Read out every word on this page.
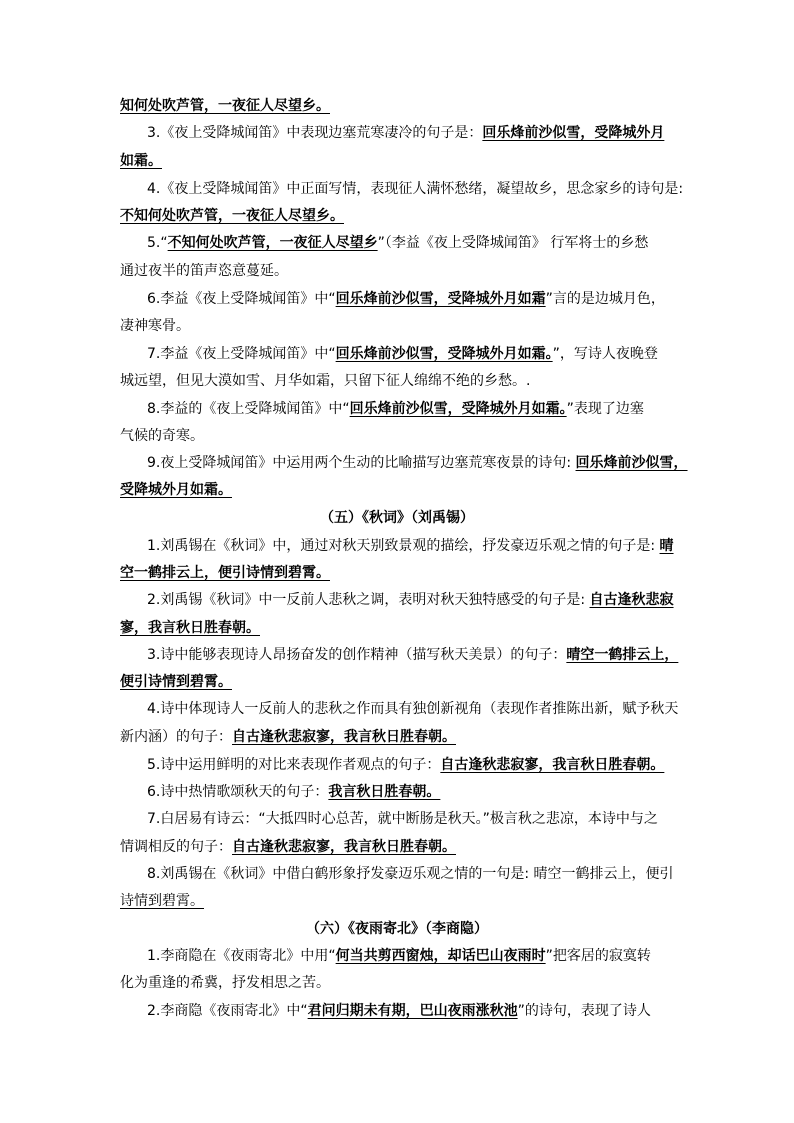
知何处吹芦管，一夜征人尽望乡。
3.《夜上受降城闻笛》中表现边塞荒寒凄冷的句子是：回乐烽前沙似雪，受降城外月
如霜。
4.《夜上受降城闻笛》中正面写情，表现征人满怀愁绪，凝望故乡，思念家乡的诗句是:
不知何处吹芦管，一夜征人尽望乡。
5.“不知何处吹芦管，一夜征人尽望乡”（李益《夜上受降城闻笛》 行军将士的乡愁
通过夜半的笛声恣意蔓延。
6.李益《夜上受降城闻笛》中“回乐烽前沙似雪，受降城外月如霜”言的是边城月色，
凄神寒骨。
7.李益《夜上受降城闻笛》中“回乐烽前沙似雪，受降城外月如霜。”，写诗人夜晚登
城远望，但见大漠如雪、月华如霜，只留下征人绵绵不绝的乡愁。.
8.李益的《夜上受降城闻笛》中“回乐烽前沙似雪，受降城外月如霜。”表现了边塞
气候的奇寒。
9.夜上受降城闻笛》中运用两个生动的比喻描写边塞荒寒夜景的诗句: 回乐烽前沙似雪，
受降城外月如霜。
（五）《秋词》（刘禹锡）
1.刘禹锡在《秋词》中，通过对秋天别致景观的描绘，抒发豪迈乐观之情的句子是: 晴
空一鹤排云上，便引诗情到碧霄。
2.刘禹锡《秋词》中一反前人悲秋之调，表明对秋天独特感受的句子是: 自古逢秋悲寂
寥，我言秋日胜春朝。
3.诗中能够表现诗人昂扬奋发的创作精神（描写秋天美景）的句子：晴空一鹤排云上，
便引诗情到碧霄。
4.诗中体现诗人一反前人的悲秋之作而具有独创新视角（表现作者推陈出新，赋予秋天
新内涵）的句子：自古逢秋悲寂寥，我言秋日胜春朝。
5.诗中运用鲜明的对比来表现作者观点的句子：自古逢秋悲寂寥，我言秋日胜春朝。
6.诗中热情歌颂秋天的句子：我言秋日胜春朝。
7.白居易有诗云：“大抵四时心总苦，就中断肠是秋天。”极言秋之悲凉，本诗中与之
情调相反的句子：自古逢秋悲寂寥，我言秋日胜春朝。
8.刘禹锡在《秋词》中借白鹤形象抒发豪迈乐观之情的一句是: 晴空一鹤排云上，便引
诗情到碧霄。
（六）《夜雨寄北》（李商隐）
1.李商隐在《夜雨寄北》中用“何当共剪西窗烛，却话巴山夜雨时”把客居的寂寞转
化为重逢的希冀，抒发相思之苦。
2.李商隐《夜雨寄北》中“君问归期未有期，巴山夜雨涨秋池”的诗句，表现了诗人
